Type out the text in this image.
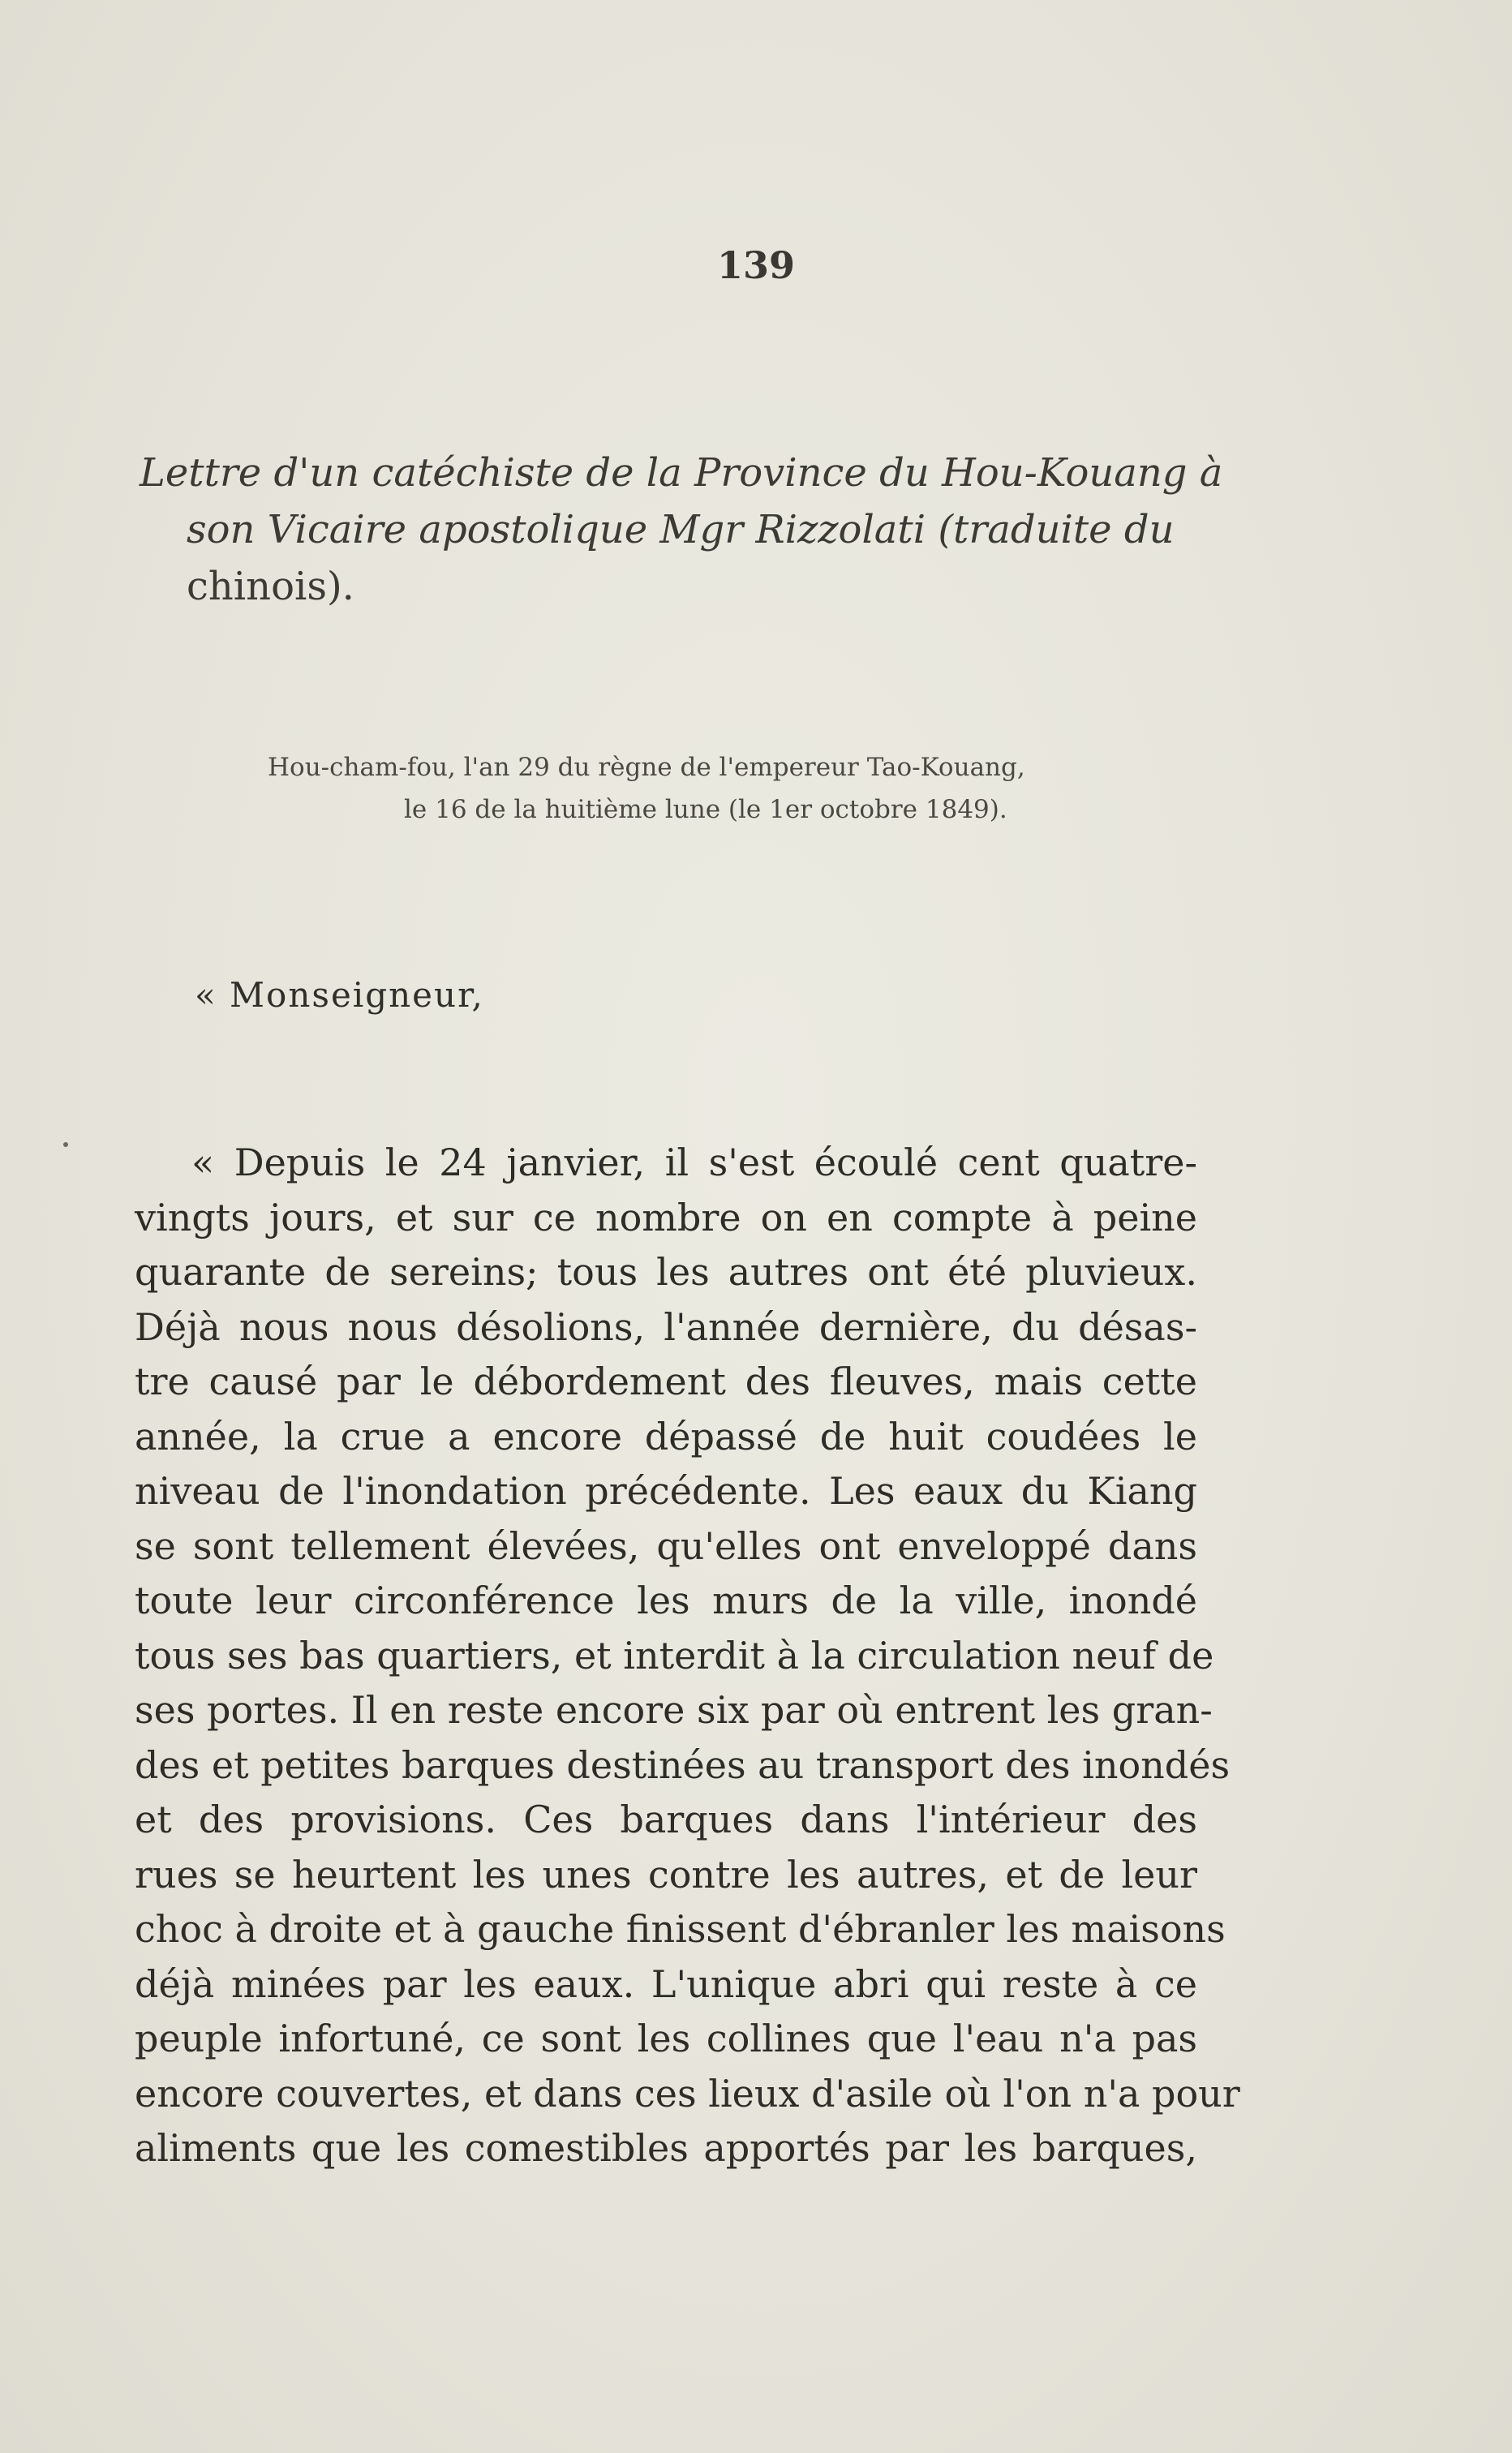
139
Lettre d'un catéchiste de la Province du Hou-Kouang à
son Vicaire apostolique Mgr Rizzolati (traduite du
chinois).
Hou-cham-fou, l'an 29 du règne de l'empereur Tao-Kouang,
le 16 de la huitième lune (le 1er octobre 1849).
« Monseigneur,
« Depuis le 24 janvier, il s'est écoulé cent quatre-
vingts jours, et sur ce nombre on en compte à peine
quarante de sereins; tous les autres ont été pluvieux.
Déjà nous nous désolions, l'année dernière, du désas-
tre causé par le débordement des fleuves, mais cette
année, la crue a encore dépassé de huit coudées le
niveau de l'inondation précédente. Les eaux du Kiang
se sont tellement élevées, qu'elles ont enveloppé dans
toute leur circonférence les murs de la ville, inondé
tous ses bas quartiers, et interdit à la circulation neuf de
ses portes. Il en reste encore six par où entrent les gran-
des et petites barques destinées au transport des inondés
et des provisions. Ces barques dans l'intérieur des
rues se heurtent les unes contre les autres, et de leur
choc à droite et à gauche finissent d'ébranler les maisons
déjà minées par les eaux. L'unique abri qui reste à ce
peuple infortuné, ce sont les collines que l'eau n'a pas
encore couvertes, et dans ces lieux d'asile où l'on n'a pour
aliments que les comestibles apportés par les barques,
